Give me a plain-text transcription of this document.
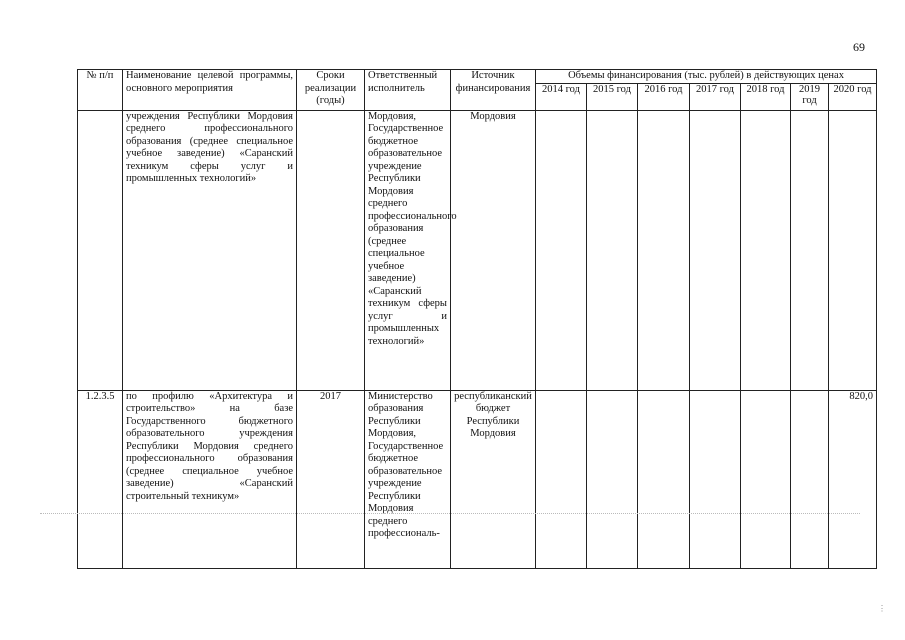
69
№ п/п	Наименование целевой программы, основного мероприятия	Сроки реализации (годы)	Ответственный исполнитель	Источник финансирования	Объемы финансирования (тыс. рублей) в действующих ценах						
					2014 год	2015 год	2016 год	2017 год	2018 год	2019 год	2020 год
	учреждения Республики Мордовия среднего профессионального образования (среднее специальное учебное заведение) «Саранский техникум сферы услуг и промышленных технологий»		Мордовия, Государственное бюджетное образовательное учреждение Республики Мордовия среднего профессионального образования (среднее специальное учебное заведение) «Саранский техникум сферы услуг и промышленных технологий»	Мордовия							
1.2.3.5	по профилю «Архитектура и строительство» на базе Государственного бюджетного образовательного учреждения Республики Мордовия среднего профессионального образования (среднее специальное учебное заведение) «Саранский строительный техникум»	2017	Министерство образования Республики Мордовия, Государственное бюджетное образовательное учреждение Республики Мордовия среднего профессиональ-	республиканский бюджет Республики Мордовия							820,0
⋮
